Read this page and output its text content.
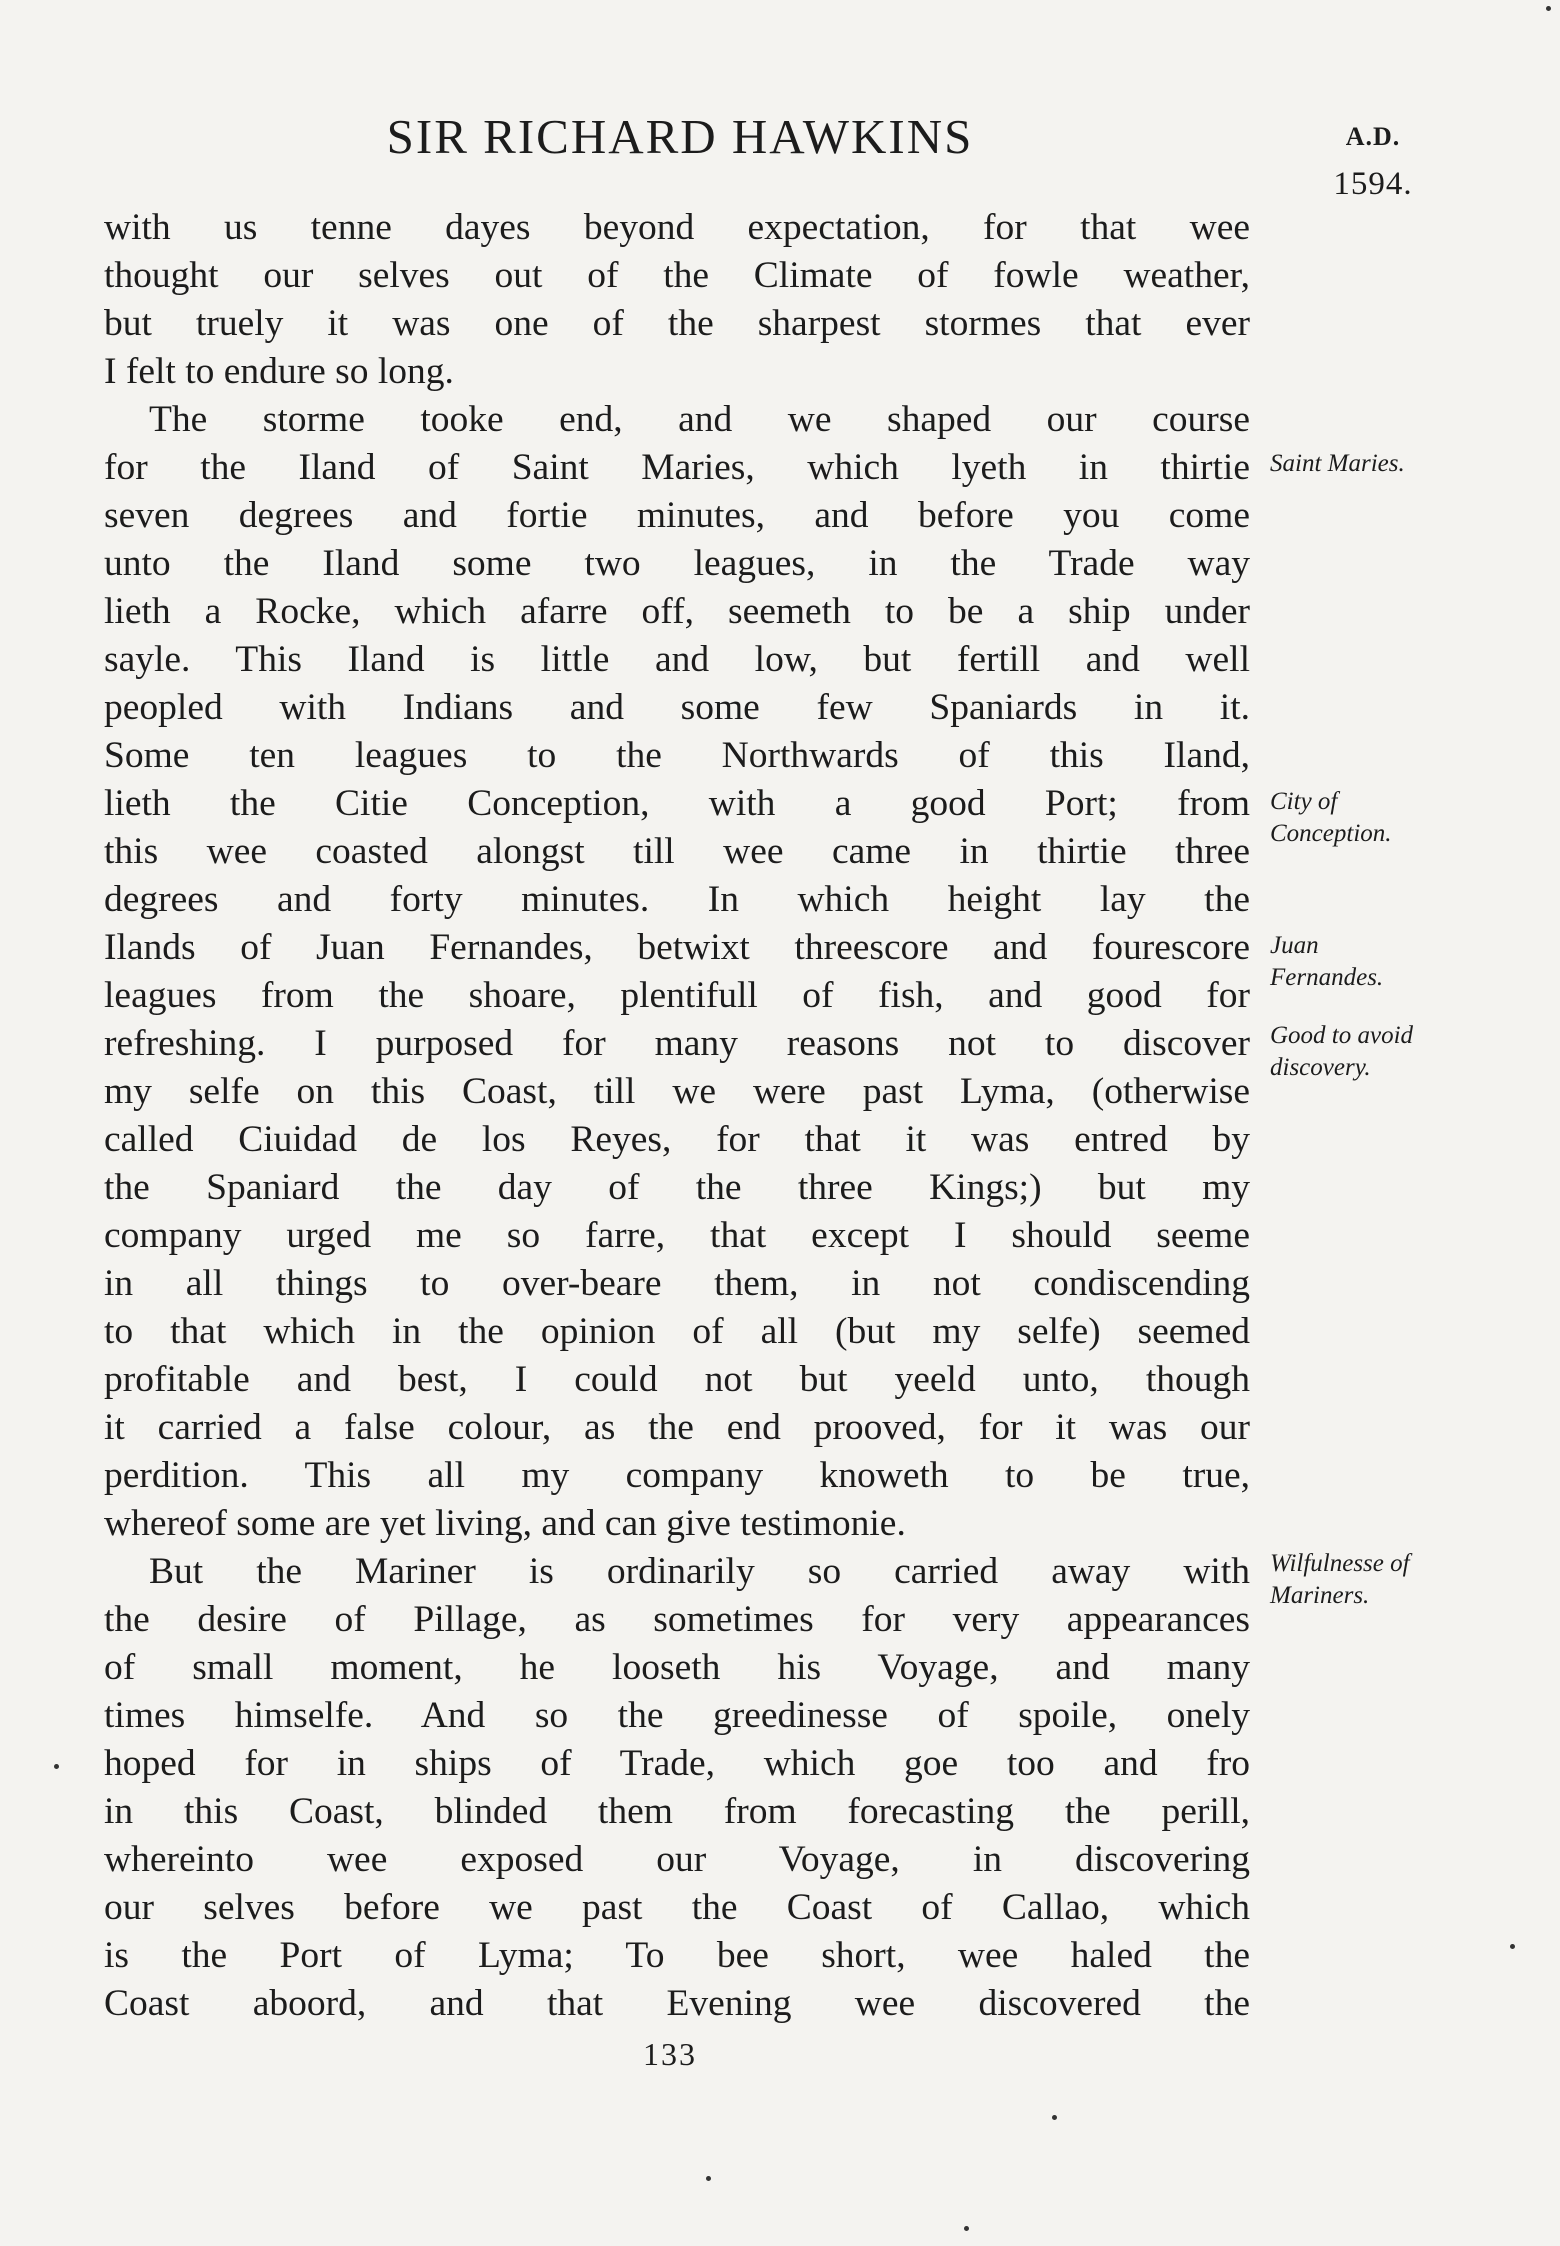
SIR RICHARD HAWKINS	A.D.
1594.
with us tenne dayes beyond expectation, for that wee
thought our selves out of the Climate of fowle weather,
but truely it was one of the sharpest stormes that ever
I felt to endure so long.
The storme tooke end, and we shaped our course
for the Iland of Saint Maries, which lyeth in thirtie
seven degrees and fortie minutes, and before you come
unto the Iland some two leagues, in the Trade way
lieth a Rocke, which afarre off, seemeth to be a ship under
sayle. This Iland is little and low, but fertill and well
peopled with Indians and some few Spaniards in it.
Some ten leagues to the Northwards of this Iland,
lieth the Citie Conception, with a good Port; from
this wee coasted alongst till wee came in thirtie three
degrees and forty minutes. In which height lay the
Ilands of Juan Fernandes, betwixt threescore and fourescore
leagues from the shoare, plentifull of fish, and good for
refreshing. I purposed for many reasons not to discover
my selfe on this Coast, till we were past Lyma, (otherwise
called Ciuidad de los Reyes, for that it was entred by
the Spaniard the day of the three Kings;) but my
company urged me so farre, that except I should seeme
in all things to over-beare them, in not condiscending
to that which in the opinion of all (but my selfe) seemed
profitable and best, I could not but yeeld unto, though
it carried a false colour, as the end prooved, for it was our
perdition. This all my company knoweth to be true,
whereof some are yet living, and can give testimonie.
But the Mariner is ordinarily so carried away with
the desire of Pillage, as sometimes for very appearances
of small moment, he looseth his Voyage, and many
times himselfe. And so the greedinesse of spoile, onely
hoped for in ships of Trade, which goe too and fro
in this Coast, blinded them from forecasting the perill,
whereinto wee exposed our Voyage, in discovering
our selves before we past the Coast of Callao, which
is the Port of Lyma; To bee short, wee haled the
Coast aboord, and that Evening wee discovered the
Saint Maries.
City of
Conception.
Juan
Fernandes.
Good to avoid
discovery.
Wilfulnesse of
Mariners.
133
